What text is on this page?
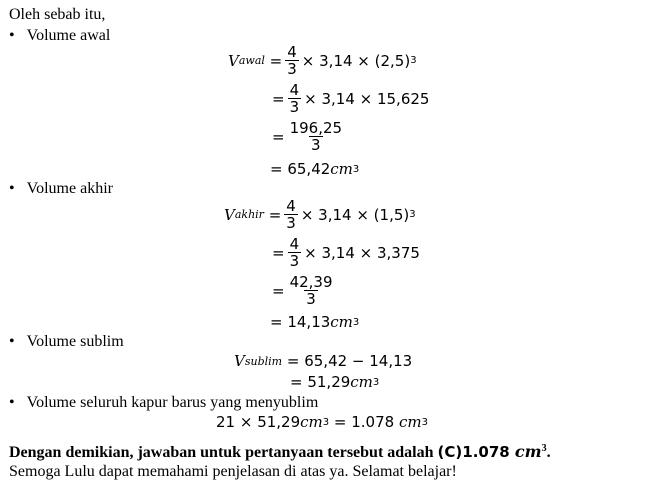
Oleh sebab itu,
• Volume awal
V awal = $\frac{4}{3} \times 3,14 \times (2,5)$ 3
= $\frac{4}{3} \times 3,14 \times 15,625$
= $\frac{196,25}{3}$
= 65,42 cm 3
• Volume akhir
V akhir = $\frac{4}{3} \times 3,14 \times (1,5)$ 3
= $\frac{4}{3} \times 3,14 \times 3,375$
= $\frac{42,39}{3}$
= 14,13 cm 3
• Volume sublim
V sublim
= 65,42 − 14,13
= 51,29 cm 3
• Volume seluruh kapur barus yang menyublim
21 × 51,29 cm 3 = 1.078 cm 3
Dengan demikian, jawaban untuk pertanyaan tersebut adalah (C)1.078 $cm^3$.
Semoga Lulu dapat memahami penjelasan di atas ya. Selamat belajar!
